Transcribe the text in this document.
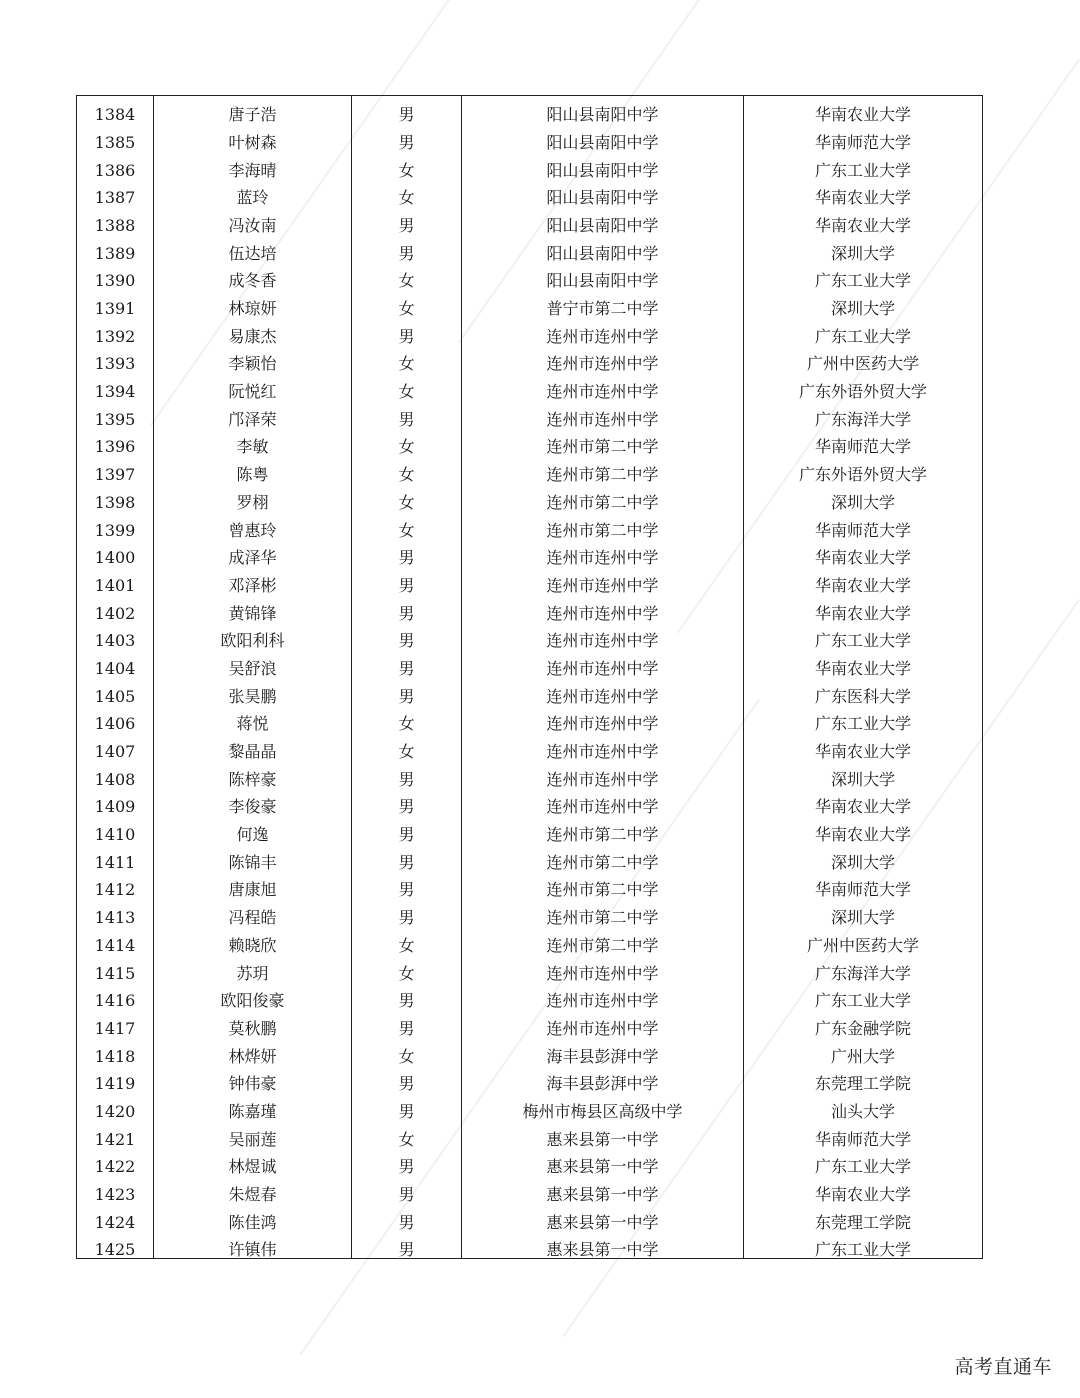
1384	唐子浩	男	阳山县南阳中学	华南农业大学
1385	叶树森	男	阳山县南阳中学	华南师范大学
1386	李海晴	女	阳山县南阳中学	广东工业大学
1387	蓝玲	女	阳山县南阳中学	华南农业大学
1388	冯汝南	男	阳山县南阳中学	华南农业大学
1389	伍达培	男	阳山县南阳中学	深圳大学
1390	成冬香	女	阳山县南阳中学	广东工业大学
1391	林琼妍	女	普宁市第二中学	深圳大学
1392	易康杰	男	连州市连州中学	广东工业大学
1393	李颖怡	女	连州市连州中学	广州中医药大学
1394	阮悦红	女	连州市连州中学	广东外语外贸大学
1395	邝泽荣	男	连州市连州中学	广东海洋大学
1396	李敏	女	连州市第二中学	华南师范大学
1397	陈粤	女	连州市第二中学	广东外语外贸大学
1398	罗栩	女	连州市第二中学	深圳大学
1399	曾惠玲	女	连州市第二中学	华南师范大学
1400	成泽华	男	连州市连州中学	华南农业大学
1401	邓泽彬	男	连州市连州中学	华南农业大学
1402	黄锦锋	男	连州市连州中学	华南农业大学
1403	欧阳利科	男	连州市连州中学	广东工业大学
1404	吴舒浪	男	连州市连州中学	华南农业大学
1405	张昊鹏	男	连州市连州中学	广东医科大学
1406	蒋悦	女	连州市连州中学	广东工业大学
1407	黎晶晶	女	连州市连州中学	华南农业大学
1408	陈梓豪	男	连州市连州中学	深圳大学
1409	李俊豪	男	连州市连州中学	华南农业大学
1410	何逸	男	连州市第二中学	华南农业大学
1411	陈锦丰	男	连州市第二中学	深圳大学
1412	唐康旭	男	连州市第二中学	华南师范大学
1413	冯程皓	男	连州市第二中学	深圳大学
1414	赖晓欣	女	连州市第二中学	广州中医药大学
1415	苏玥	女	连州市连州中学	广东海洋大学
1416	欧阳俊豪	男	连州市连州中学	广东工业大学
1417	莫秋鹏	男	连州市连州中学	广东金融学院
1418	林烨妍	女	海丰县彭湃中学	广州大学
1419	钟伟豪	男	海丰县彭湃中学	东莞理工学院
1420	陈嘉瑾	男	梅州市梅县区高级中学	汕头大学
1421	吴丽莲	女	惠来县第一中学	华南师范大学
1422	林煜诚	男	惠来县第一中学	广东工业大学
1423	朱煜春	男	惠来县第一中学	华南农业大学
1424	陈佳鸿	男	惠来县第一中学	东莞理工学院
1425	许镇伟	男	惠来县第一中学	广东工业大学
高考直通车
